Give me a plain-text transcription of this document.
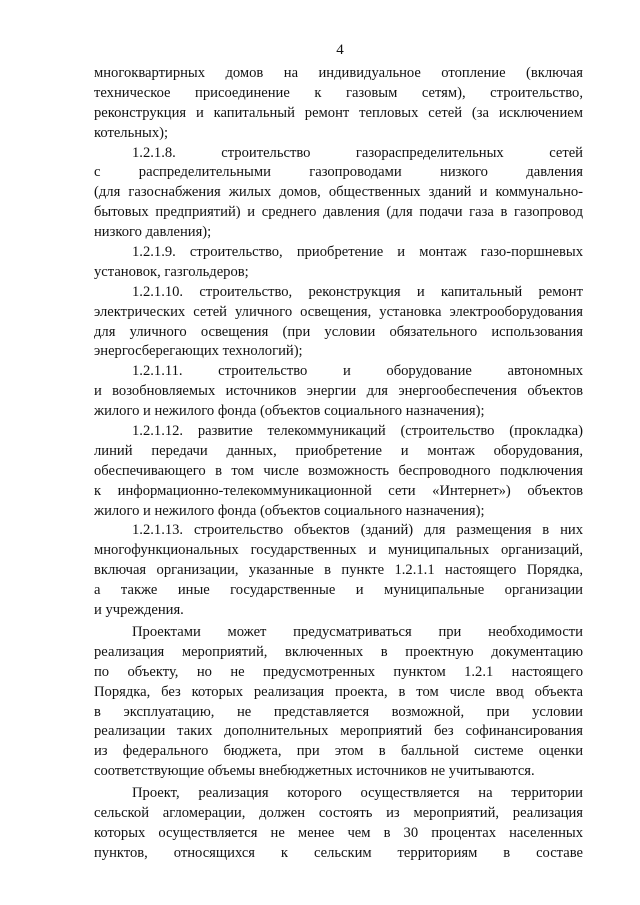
4
многоквартирных домов на индивидуальное отопление (включая
техническое присоединение к газовым сетям), строительство,
реконструкция и капитальный ремонт тепловых сетей (за исключением
котельных);
1.2.1.8. строительство газораспределительных сетей
с распределительными газопроводами низкого давления
(для газоснабжения жилых домов, общественных зданий и коммунально-
бытовых предприятий) и среднего давления (для подачи газа в газопровод
низкого давления);
1.2.1.9. строительство, приобретение и монтаж газо-поршневых
установок, газгольдеров;
1.2.1.10. строительство, реконструкция и капитальный ремонт
электрических сетей уличного освещения, установка электрооборудования
для уличного освещения (при условии обязательного использования
энергосберегающих технологий);
1.2.1.11. строительство и оборудование автономных
и возобновляемых источников энергии для энергообеспечения объектов
жилого и нежилого фонда (объектов социального назначения);
1.2.1.12. развитие телекоммуникаций (строительство (прокладка)
линий передачи данных, приобретение и монтаж оборудования,
обеспечивающего в том числе возможность беспроводного подключения
к информационно-телекоммуникационной сети «Интернет») объектов
жилого и нежилого фонда (объектов социального назначения);
1.2.1.13. строительство объектов (зданий) для размещения в них
многофункциональных государственных и муниципальных организаций,
включая организации, указанные в пункте 1.2.1.1 настоящего Порядка,
а также иные государственные и муниципальные организации
и учреждения.
Проектами может предусматриваться при необходимости
реализация мероприятий, включенных в проектную документацию
по объекту, но не предусмотренных пунктом 1.2.1 настоящего
Порядка, без которых реализация проекта, в том числе ввод объекта
в эксплуатацию, не представляется возможной, при условии
реализации таких дополнительных мероприятий без софинансирования
из федерального бюджета, при этом в балльной системе оценки
соответствующие объемы внебюджетных источников не учитываются.
Проект, реализация которого осуществляется на территории
сельской агломерации, должен состоять из мероприятий, реализация
которых осуществляется не менее чем в 30 процентах населенных
пунктов, относящихся к сельским территориям в составе
